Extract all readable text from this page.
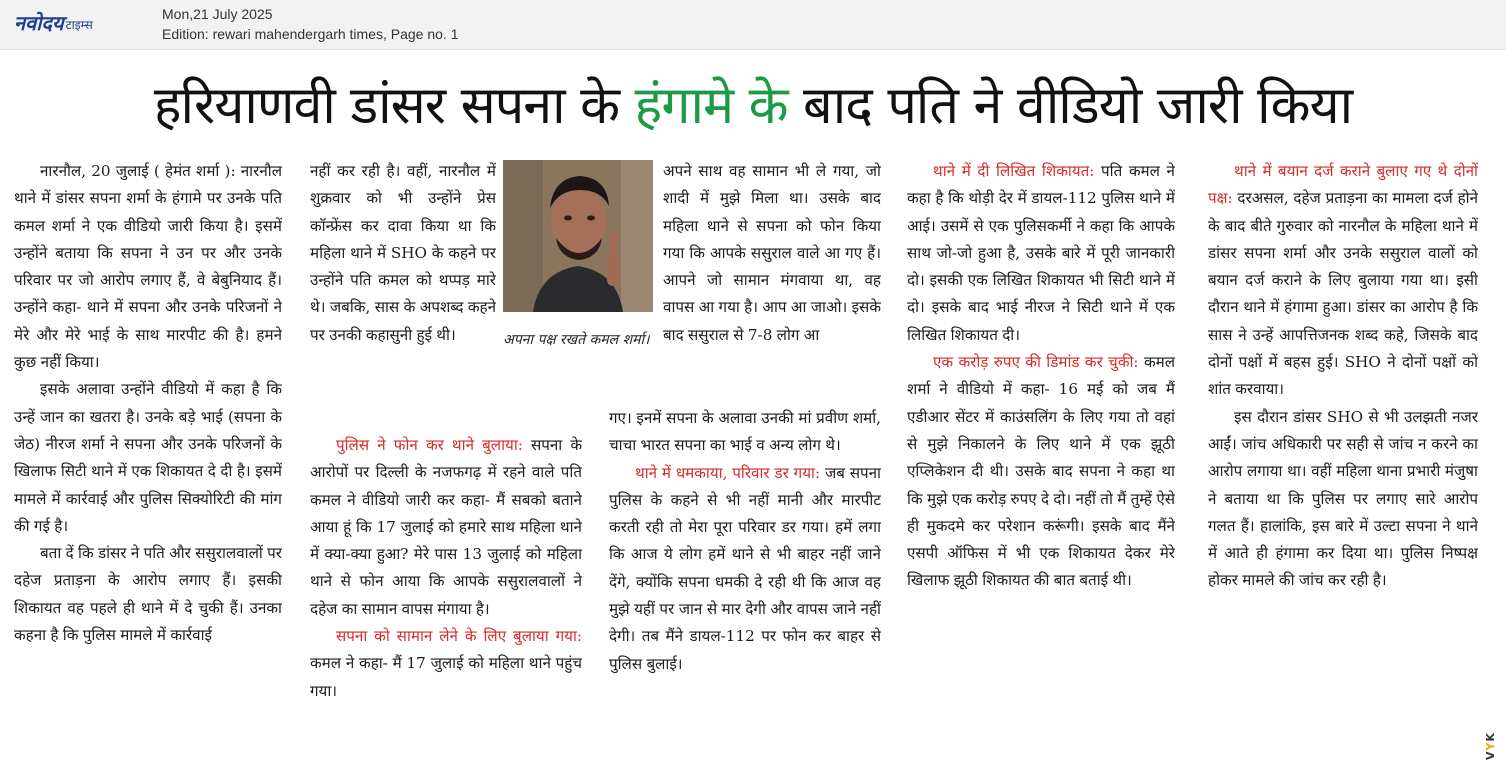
नवोदय टाइम्स
Mon,21 July 2025
Edition: rewari mahendergarh times, Page no. 1
हरियाणवी डांसर सपना के हंगामे के बाद पति ने वीडियो जारी किया

नारनौल, 20 जुलाई ( हेमंत शर्मा ): नारनौल थाने में डांसर सपना शर्मा के हंगामे पर उनके पति कमल शर्मा ने एक वीडियो जारी किया है। इसमें उन्होंने बताया कि सपना ने उन पर और उनके परिवार पर जो आरोप लगाए हैं, वे बेबुनियाद हैं। उन्होंने कहा- थाने में सपना और उनके परिजनों ने मेरे और मेरे भाई के साथ मारपीट की है। हमने कुछ नहीं किया।

इसके अलावा उन्होंने वीडियो में कहा है कि उन्हें जान का खतरा है। उनके बड़े भाई (सपना के जेठ) नीरज शर्मा ने सपना और उनके परिजनों के खिलाफ सिटी थाने में एक शिकायत दे दी है। इसमें मामले में कार्रवाई और पुलिस सिक्योरिटी की मांग की गई है।

बता दें कि डांसर ने पति और ससुरालवालों पर दहेज प्रताड़ना के आरोप लगाए हैं। इसकी शिकायत वह पहले ही थाने में दे चुकी हैं। उनका कहना है कि पुलिस मामले में कार्रवाई

नहीं कर रही है। वहीं, नारनौल में शुक्रवार को भी उन्होंने प्रेस कॉन्फ्रेंस कर दावा किया था कि महिला थाने में SHO के कहने पर उन्होंने पति कमल को थप्पड़ मारे थे। जबकि, सास के अपशब्द कहने पर उनकी कहासुनी हुई थी।	अपना पक्ष रखते कमल शर्मा।

पुलिस ने फोन कर थाने बुलाया: सपना के आरोपों पर दिल्ली के नजफगढ़ में रहने वाले पति कमल ने वीडियो जारी कर कहा- मैं सबको बताने आया हूं कि 17 जुलाई को हमारे साथ महिला थाने में क्या-क्या हुआ? मेरे पास 13 जुलाई को महिला थाने से फोन आया कि आपके ससुरालवालों ने दहेज का सामान वापस मंगाया है।

सपना को सामान लेने के लिए बुलाया गया: कमल ने कहा- मैं 17 जुलाई को महिला थाने पहुंच गया।

अपने साथ वह सामान भी ले गया, जो शादी में मुझे मिला था। उसके बाद महिला थाने से सपना को फोन किया गया कि आपके ससुराल वाले आ गए हैं। आपने जो सामान मंगवाया था, वह वापस आ गया है। आप आ जाओ। इसके बाद ससुराल से 7-8 लोग आ

गए। इनमें सपना के अलावा उनकी मां प्रवीण शर्मा, चाचा भारत सपना का भाई व अन्य लोग थे।

थाने में धमकाया, परिवार डर गया: जब सपना पुलिस के कहने से भी नहीं मानी और मारपीट करती रही तो मेरा पूरा परिवार डर गया। हमें लगा कि आज ये लोग हमें थाने से भी बाहर नहीं जाने देंगे, क्योंकि सपना धमकी दे रही थी कि आज वह मुझे यहीं पर जान से मार देगी और वापस जाने नहीं देगी। तब मैंने डायल-112 पर फोन कर बाहर से पुलिस बुलाई।

थाने में दी लिखित शिकायत: पति कमल ने कहा है कि थोड़ी देर में डायल-112 पुलिस थाने में आई। उसमें से एक पुलिसकर्मी ने कहा कि आपके साथ जो-जो हुआ है, उसके बारे में पूरी जानकारी दो। इसकी एक लिखित शिकायत भी सिटी थाने में दो। इसके बाद भाई नीरज ने सिटी थाने में एक लिखित शिकायत दी।

एक करोड़ रुपए की डिमांड कर चुकी: कमल शर्मा ने वीडियो में कहा- 16 मई को जब मैं एडीआर सेंटर में काउंसलिंग के लिए गया तो वहां से मुझे निकालने के लिए थाने में एक झूठी एप्लिकेशन दी थी। उसके बाद सपना ने कहा था कि मुझे एक करोड़ रुपए दे दो। नहीं तो मैं तुम्हें ऐसे ही मुकदमे कर परेशान करूंगी। इसके बाद मैंने एसपी ऑफिस में भी एक शिकायत देकर मेरे खिलाफ झूठी शिकायत की बात बताई थी।

थाने में बयान दर्ज कराने बुलाए गए थे दोनों पक्ष: दरअसल, दहेज प्रताड़ना का मामला दर्ज होने के बाद बीते गुरुवार को नारनौल के महिला थाने में डांसर सपना शर्मा और उनके ससुराल वालों को बयान दर्ज कराने के लिए बुलाया गया था। इसी दौरान थाने में हंगामा हुआ। डांसर का आरोप है कि सास ने उन्हें आपत्तिजनक शब्द कहे, जिसके बाद दोनों पक्षों में बहस हुई। SHO ने दोनों पक्षों को शांत करवाया।

इस दौरान डांसर SHO से भी उलझती नजर आईं। जांच अधिकारी पर सही से जांच न करने का आरोप लगाया था। वहीं महिला थाना प्रभारी मंजुषा ने बताया था कि पुलिस पर लगाए सारे आरोप गलत हैं। हालांकि, इस बारे में उल्टा सपना ने थाने में आते ही हंगामा कर दिया था। पुलिस निष्पक्ष होकर मामले की जांच कर रही है।

VYK
